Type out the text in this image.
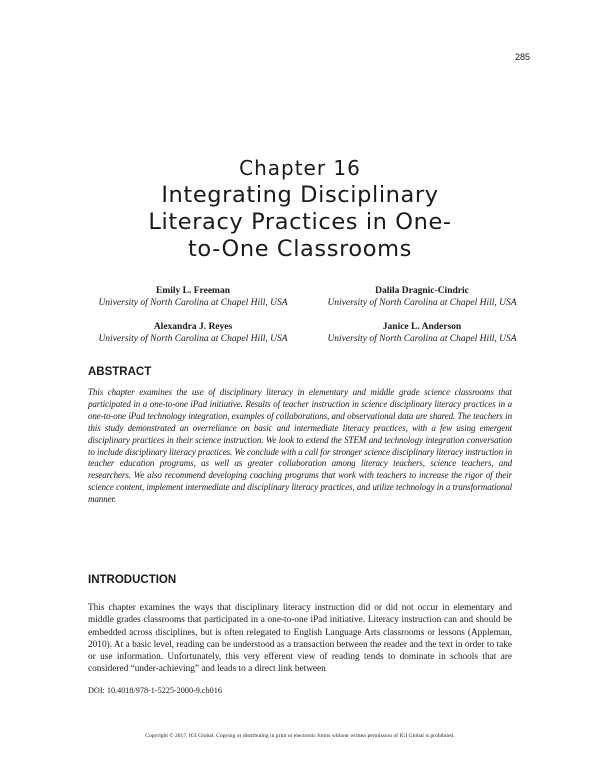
285
Chapter 16
Integrating Disciplinary
Literacy Practices in One-
to-One Classrooms
Emily L. Freeman
University of North Carolina at Chapel Hill, USA
Dalila Dragnic-Cindric
University of North Carolina at Chapel Hill, USA
Alexandra J. Reyes
University of North Carolina at Chapel Hill, USA
Janice L. Anderson
University of North Carolina at Chapel Hill, USA
ABSTRACT
This chapter examines the use of disciplinary literacy in elementary and middle grade science classrooms that participated in a one-to-one iPad initiative. Results of teacher instruction in science disciplinary literacy practices in a one-to-one iPad technology integration, examples of collaborations, and observational data are shared. The teachers in this study demonstrated an overreliance on basic and intermediate literacy practices, with a few using emergent disciplinary practices in their science instruction. We look to extend the STEM and technology integration conversation to include disciplinary literacy practices. We conclude with a call for stronger science disciplinary literacy instruction in teacher education programs, as well as greater collaboration among literacy teachers, science teachers, and researchers. We also recommend developing coaching programs that work with teachers to increase the rigor of their science content, implement intermediate and disciplinary literacy practices, and utilize technology in a transformational manner.
INTRODUCTION
This chapter examines the ways that disciplinary literacy instruction did or did not occur in elementary and middle grades classrooms that participated in a one-to-one iPad initiative. Literacy instruction can and should be embedded across disciplines, but is often relegated to English Language Arts classrooms or lessons (Appleman, 2010). At a basic level, reading can be understood as a transaction between the reader and the text in order to take or use information. Unfortunately, this very efferent view of reading tends to dominate in schools that are considered “under-achieving” and leads to a direct link between
DOI: 10.4018/978-1-5225-2000-9.ch016
Copyright © 2017, IGI Global. Copying or distributing in print or electronic forms without written permission of IGI Global is prohibited.
